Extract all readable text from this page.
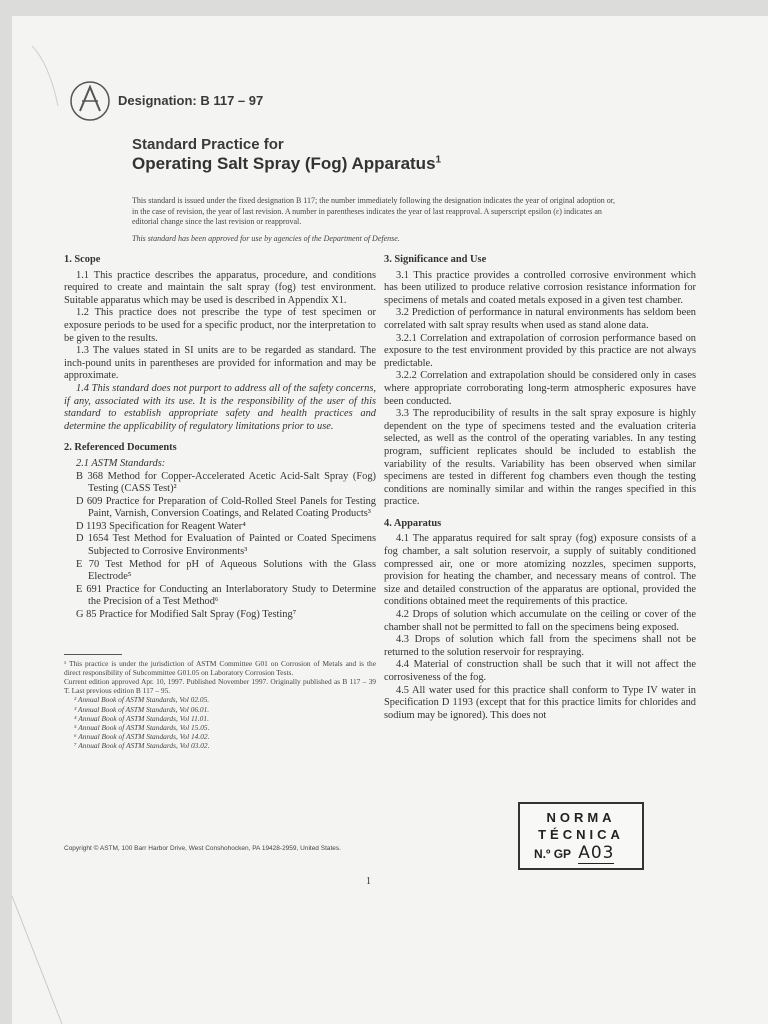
Designation: B 117 – 97
Standard Practice for
Operating Salt Spray (Fog) Apparatus$^1$
This standard is issued under the fixed designation B 117; the number immediately following the designation indicates the year of original adoption or, in the case of revision, the year of last revision. A number in parentheses indicates the year of last reapproval. A superscript epsilon (ε) indicates an editorial change since the last revision or reapproval.
This standard has been approved for use by agencies of the Department of Defense.
1. Scope

1.1 This practice describes the apparatus, procedure, and conditions required to create and maintain the salt spray (fog) test environment. Suitable apparatus which may be used is described in Appendix X1.

1.2 This practice does not prescribe the type of test specimen or exposure periods to be used for a specific product, nor the interpretation to be given to the results.

1.3 The values stated in SI units are to be regarded as standard. The inch-pound units in parentheses are provided for information and may be approximate.

1.4 This standard does not purport to address all of the safety concerns, if any, associated with its use. It is the responsibility of the user of this standard to establish appropriate safety and health practices and determine the applicability of regulatory limitations prior to use.

2. Referenced Documents

2.1 ASTM Standards:

B 368 Method for Copper-Accelerated Acetic Acid-Salt Spray (Fog) Testing (CASS Test)²
D 609 Practice for Preparation of Cold-Rolled Steel Panels for Testing Paint, Varnish, Conversion Coatings, and Related Coating Products³
D 1193 Specification for Reagent Water⁴
D 1654 Test Method for Evaluation of Painted or Coated Specimens Subjected to Corrosive Environments³
E 70 Test Method for pH of Aqueous Solutions with the Glass Electrode⁵
E 691 Practice for Conducting an Interlaboratory Study to Determine the Precision of a Test Method⁶
G 85 Practice for Modified Salt Spray (Fog) Testing⁷

¹ This practice is under the jurisdiction of ASTM Committee G01 on Corrosion of Metals and is the direct responsibility of Subcommittee G01.05 on Laboratory Corrosion Tests.

Current edition approved Apr. 10, 1997. Published November 1997. Originally published as B 117 – 39 T. Last previous edition B 117 – 95.

² Annual Book of ASTM Standards, Vol 02.05.

³ Annual Book of ASTM Standards, Vol 06.01.

⁴ Annual Book of ASTM Standards, Vol 11.01.

⁵ Annual Book of ASTM Standards, Vol 15.05.

⁶ Annual Book of ASTM Standards, Vol 14.02.

⁷ Annual Book of ASTM Standards, Vol 03.02.

3. Significance and Use

3.1 This practice provides a controlled corrosive environment which has been utilized to produce relative corrosion resistance information for specimens of metals and coated metals exposed in a given test chamber.

3.2 Prediction of performance in natural environments has seldom been correlated with salt spray results when used as stand alone data.

3.2.1 Correlation and extrapolation of corrosion performance based on exposure to the test environment provided by this practice are not always predictable.

3.2.2 Correlation and extrapolation should be considered only in cases where appropriate corroborating long-term atmospheric exposures have been conducted.

3.3 The reproducibility of results in the salt spray exposure is highly dependent on the type of specimens tested and the evaluation criteria selected, as well as the control of the operating variables. In any testing program, sufficient replicates should be included to establish the variability of the results. Variability has been observed when similar specimens are tested in different fog chambers even though the testing conditions are nominally similar and within the ranges specified in this practice.

4. Apparatus

4.1 The apparatus required for salt spray (fog) exposure consists of a fog chamber, a salt solution reservoir, a supply of suitably conditioned compressed air, one or more atomizing nozzles, specimen supports, provision for heating the chamber, and necessary means of control. The size and detailed construction of the apparatus are optional, provided the conditions obtained meet the requirements of this practice.

4.2 Drops of solution which accumulate on the ceiling or cover of the chamber shall not be permitted to fall on the specimens being exposed.

4.3 Drops of solution which fall from the specimens shall not be returned to the solution reservoir for respraying.

4.4 Material of construction shall be such that it will not affect the corrosiveness of the fog.

4.5 All water used for this practice shall conform to Type IV water in Specification D 1193 (except that for this practice limits for chlorides and sodium may be ignored). This does not

Copyright © ASTM, 100 Barr Harbor Drive, West Conshohocken, PA 19428-2959, United States.
1
NORMA
TÉCNICA
N.º GP A03
